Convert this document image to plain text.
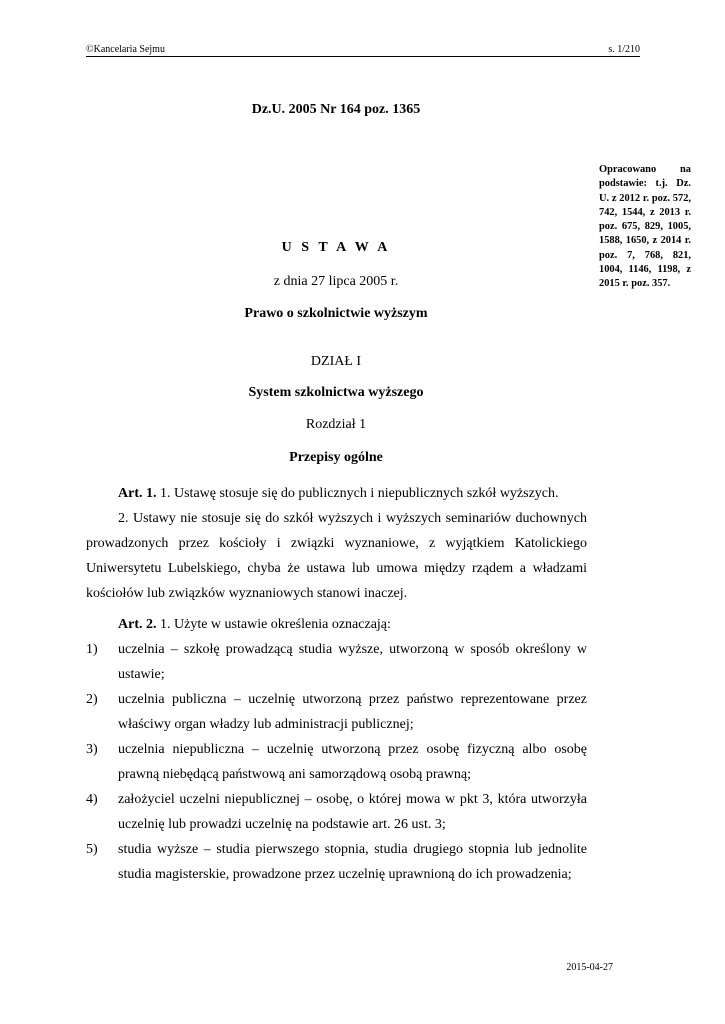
©Kancelaria Sejmu	s. 1/210
Dz.U. 2005 Nr 164 poz. 1365
Opracowano na podstawie: t.j. Dz. U. z 2012 r. poz. 572, 742, 1544, z 2013 r. poz. 675, 829, 1005, 1588, 1650, z 2014 r. poz. 7, 768, 821, 1004, 1146, 1198, z 2015 r. poz. 357.
U S T A W A
z dnia 27 lipca 2005 r.
Prawo o szkolnictwie wyższym
DZIAŁ I
System szkolnictwa wyższego
Rozdział 1
Przepisy ogólne
Art. 1. 1. Ustawę stosuje się do publicznych i niepublicznych szkół wyższych.
2. Ustawy nie stosuje się do szkół wyższych i wyższych seminariów duchownych prowadzonych przez kościoły i związki wyznaniowe, z wyjątkiem Katolickiego Uniwersytetu Lubelskiego, chyba że ustawa lub umowa między rządem a władzami kościołów lub związków wyznaniowych stanowi inaczej.
Art. 2. 1. Użyte w ustawie określenia oznaczają:
1) uczelnia – szkołę prowadzącą studia wyższe, utworzoną w sposób określony w ustawie;
2) uczelnia publiczna – uczelnię utworzoną przez państwo reprezentowane przez właściwy organ władzy lub administracji publicznej;
3) uczelnia niepubliczna – uczelnię utworzoną przez osobę fizyczną albo osobę prawną niebędącą państwową ani samorządową osobą prawną;
4) założyciel uczelni niepublicznej – osobę, o której mowa w pkt 3, która utworzyła uczelnię lub prowadzi uczelnię na podstawie art. 26 ust. 3;
5) studia wyższe – studia pierwszego stopnia, studia drugiego stopnia lub jednolite studia magisterskie, prowadzone przez uczelnię uprawnioną do ich prowadzenia;
2015-04-27
